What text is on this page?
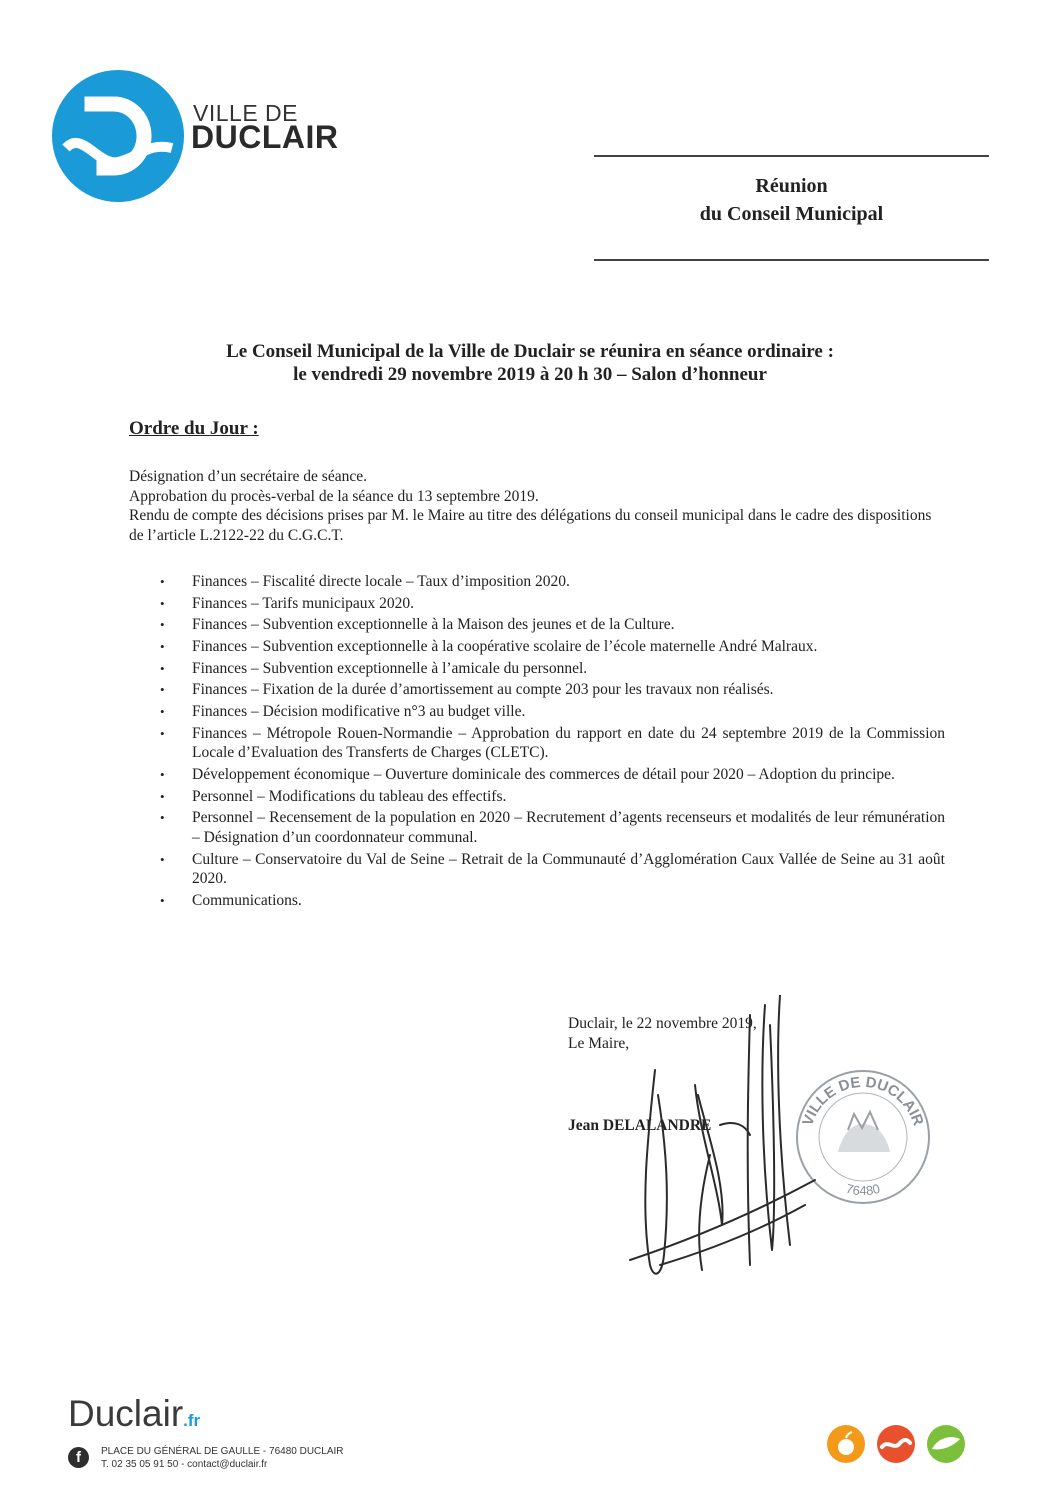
VILLE DE
DUCLAIR
Réunion
du Conseil Municipal
Le Conseil Municipal de la Ville de Duclair se réunira en séance ordinaire :
le vendredi 29 novembre 2019 à 20 h 30 – Salon d’honneur
Ordre du Jour :
Désignation d’un secrétaire de séance.
Approbation du procès-verbal de la séance du 13 septembre 2019.
Rendu de compte des décisions prises par M. le Maire au titre des délégations du conseil municipal dans le cadre des dispositions de l’article L.2122-22 du C.G.C.T.
• Finances – Fiscalité directe locale – Taux d’imposition 2020.
• Finances – Tarifs municipaux 2020.
• Finances – Subvention exceptionnelle à la Maison des jeunes et de la Culture.
• Finances – Subvention exceptionnelle à la coopérative scolaire de l’école maternelle André Malraux.
• Finances – Subvention exceptionnelle à l’amicale du personnel.
• Finances – Fixation de la durée d’amortissement au compte 203 pour les travaux non réalisés.
• Finances – Décision modificative n°3 au budget ville.
• Finances – Métropole Rouen-Normandie – Approbation du rapport en date du 24 septembre 2019 de la Commission Locale d’Evaluation des Transferts de Charges (CLETC).
• Développement économique – Ouverture dominicale des commerces de détail pour 2020 – Adoption du principe.
• Personnel – Modifications du tableau des effectifs.
• Personnel – Recensement de la population en 2020 – Recrutement d’agents recenseurs et modalités de leur rémunération – Désignation d’un coordonnateur communal.
• Culture – Conservatoire du Val de Seine – Retrait de la Communauté d’Agglomération Caux Vallée de Seine au 31 août 2020.
• Communications.
Duclair, le 22 novembre 2019,
Le Maire,
Jean DELALANDRE	VILLE DE DUCLAIR
76480
Duclair.fr
f	PLACE DU GÉNÉRAL DE GAULLE - 76480 DUCLAIR
T. 02 35 05 91 50 - contact@duclair.fr
